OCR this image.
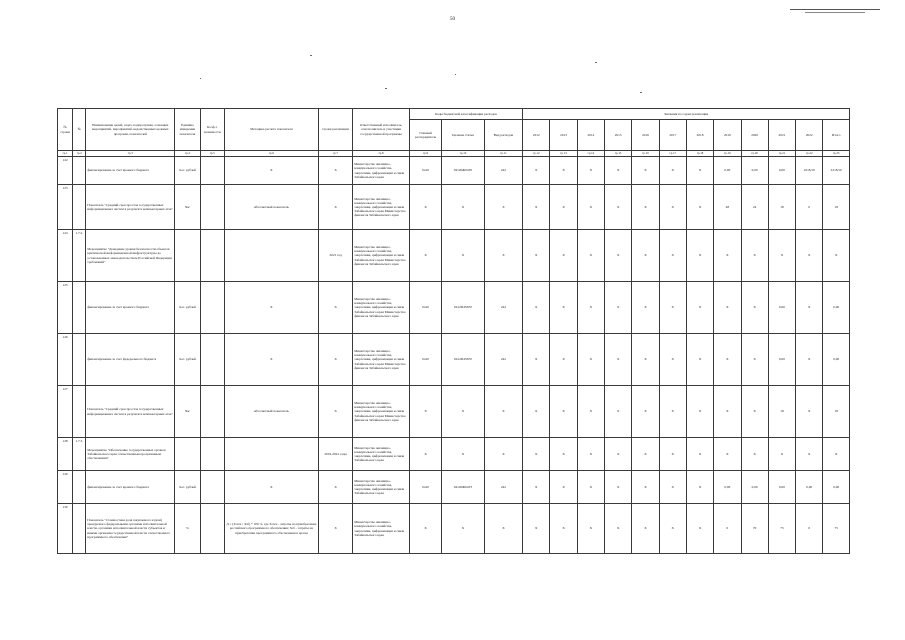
50
№ строки	№	Наименование целей, задач, подпрограмм, основных мероприятий, мероприятий, ведомственных целевых программ, показателей	Единица измерения показателя	Коэф-т значимости	Методика расчета показателя	Сроки реализации	Ответственный исполнитель, соисполнитель и участники государственной программы	Коды бюджетной классификации расходов			Значения по годам реализации											
								Главный распорядитель	Целевая статья	Вид расходов	2012	2013	2014	2015	2016	2017	2018	2019	2020	2021	2022	Итого
гр.1	гр.2	гр.3	гр.4	гр.5	гр.6	гр.7	гр.8	гр.9	гр.10	гр.11	гр.12	гр.13	гр.14	гр.15	гр.16	гр.17	гр.18	гр.19	гр.20	гр.21	гр.22	гр.23
122		финансирование за счет краевого бюджета	тыс. рублей		X	X	Министерство жилищно-коммунального хозяйства, энергетики, цифровизации и связи Забайкальского края	0410	04120Ж04Г0	242	X	X	X	X	X	X	X	0,00	0,00	0,00	2218,50	2218,50
123		Показатель "Средний срок простоя государственных информационных систем в результате компьютерных атак"	Час		Абсолютный показатель	X	Министерство жилищно-коммунального хозяйства, энергетики, цифровизации и связи Забайкальского края Министерство финансов Забайкальского края	X	X	X	X	X	X	X	X	X	X	48	24	18	0	18
124	1.7.2.	Мероприятие "Доведение уровня безопасности объектов критической информационной инфраструктуры до установленных законодательством Российской Федерации требований"				2021 год	Министерство жилищно-коммунального хозяйства, энергетики, цифровизации и связи Забайкальского края Министерство финансов Забайкальского края	X	X	X	X	X	X	X	X	X	X	X	X	X	X	X
125		финансирование за счет краевого бюджета	тыс. рублей		X	X	Министерство жилищно-коммунального хозяйства, энергетики, цифровизации и связи Забайкальского края Министерство финансов Забайкальского края	0410	0412D4S670	242	X	X	X	X	X	X	X	X	X	0,00	X	0,00
126		финансирование за счет федерального бюджета	тыс. рублей		X	X	Министерство жилищно-коммунального хозяйства, энергетики, цифровизации и связи Забайкальского края Министерство финансов Забайкальского края	0410	0412D4S670	242	X	X	X	X	X	X	X	X	X	0,00	X	0,00
127		Показатель "Средний срок простоя государственных информационных систем в результате компьютерных атак"	Час		Абсолютный показатель	X	Министерство жилищно-коммунального хозяйства, энергетики, цифровизации и связи Забайкальского края Министерство финансов Забайкальского края	X	X	X	X	X	X	X	X	X	X	X	X	18	X	18
128	1.7.3.	Мероприятие "Обеспечение государственных органов Забайкальского края отечественным программным обеспечением"				2019-2022 годы	Министерство жилищно-коммунального хозяйства, энергетики, цифровизации и связи Забайкальского края	X	X	X	X	X	X	X	X	X	X	X	X	X	X	X
129		финансирование за счет краевого бюджета	тыс. рублей		X	X	Министерство жилищно-коммунального хозяйства, энергетики, цифровизации и связи Забайкальского края	0410	04120Ж04Г3	242	X	X	X	X	X	X	X	0,00	0,00	0,00	0,00	0,00
130		Показатель "Стоимостная доля закупаемого и (или) арендуемого федеральными органами исполнительной власти, органами исполнительной власти субъектов и иными органами государственной власти отечественного программного обеспечения"	%		Д = (Зотеч / Зоб) * 100 %, где Зотеч - затраты на приобретение российского программного обеспечения; Зоб - затраты на приобретение программного обеспечения в целом	X	Министерство жилищно-коммунального хозяйства, энергетики, цифровизации и связи Забайкальского края	X	X	X	X	X	X	X	X	X	X	0	70	75	0	75
